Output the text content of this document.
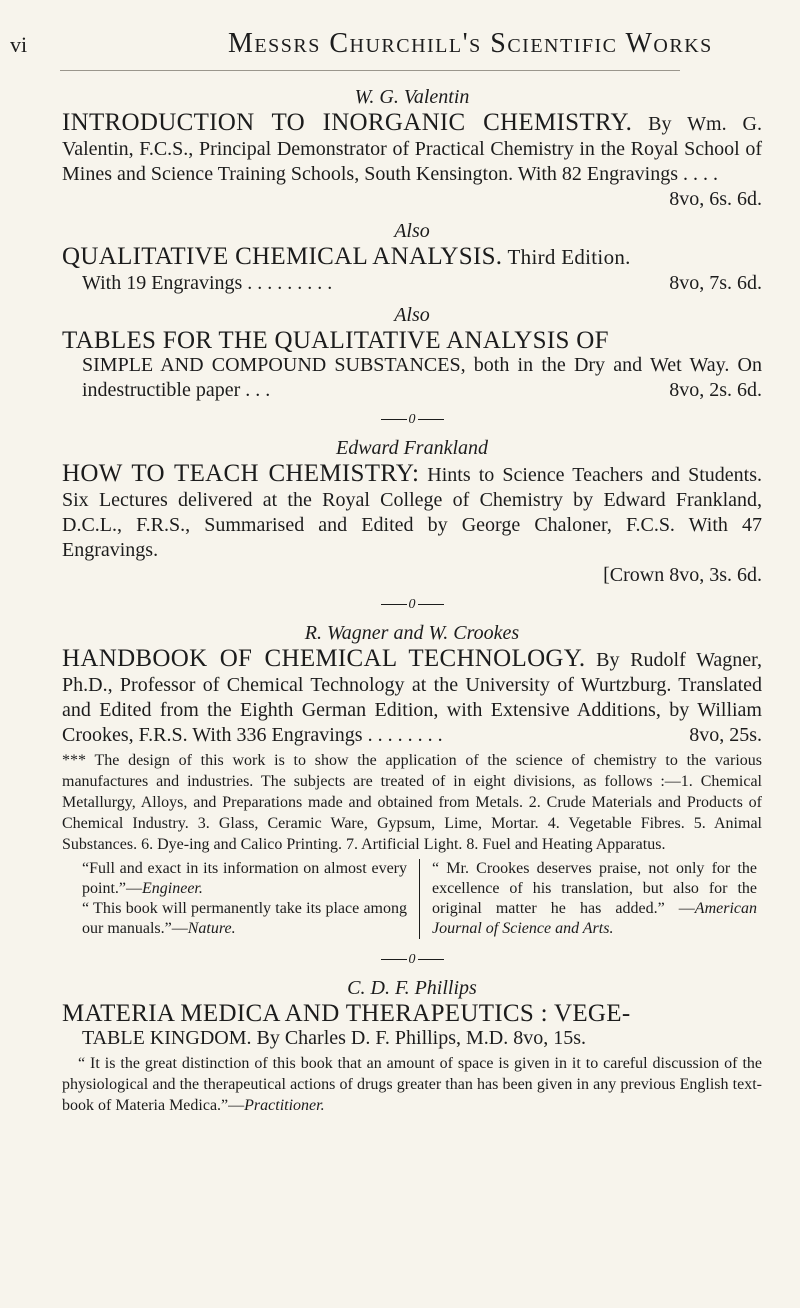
vi	Messrs Churchill's Scientific Works
W. G. Valentin
INTRODUCTION TO INORGANIC CHEMISTRY. By Wm. G. Valentin, F.C.S., Principal Demonstrator of Practical Chemistry in the Royal School of Mines and Science Training Schools, South Kensington. With 82 Engravings . . . .
8vo, 6s. 6d.
Also
QUALITATIVE CHEMICAL ANALYSIS. Third Edition.
With 19 Engravings . . . . . . . . .	8vo, 7s. 6d.
Also
TABLES FOR THE QUALITATIVE ANALYSIS OF
SIMPLE AND COMPOUND SUBSTANCES, both in the Dry and Wet Way. On indestructible paper . . .	8vo, 2s. 6d.
0
Edward Frankland
HOW TO TEACH CHEMISTRY: Hints to Science Teachers and Students. Six Lectures delivered at the Royal College of Chemistry by Edward Frankland, D.C.L., F.R.S., Summarised and Edited by George Chaloner, F.C.S. With 47 Engravings.
[Crown 8vo, 3s. 6d.
0
R. Wagner and W. Crookes
HANDBOOK OF CHEMICAL TECHNOLOGY. By Rudolf Wagner, Ph.D., Professor of Chemical Technology at the University of Wurtzburg. Translated and Edited from the Eighth German Edition, with Extensive Additions, by William Crookes, F.R.S. With 336 Engravings . . . . . . . .	8vo, 25s.
*** The design of this work is to show the application of the science of chemistry to the various manufactures and industries. The subjects are treated of in eight divisions, as follows :—1. Chemical Metallurgy, Alloys, and Preparations made and obtained from Metals. 2. Crude Materials and Products of Chemical Industry. 3. Glass, Ceramic Ware, Gypsum, Lime, Mortar. 4. Vegetable Fibres. 5. Animal Substances. 6. Dye-ing and Calico Printing. 7. Artificial Light. 8. Fuel and Heating Apparatus.
“Full and exact in its information on almost every point.”—Engineer.
“ This book will permanently take its place among our manuals.”—Nature.
“ Mr. Crookes deserves praise, not only for the excellence of his translation, but also for the original matter he has added.” —American Journal of Science and Arts.
0
C. D. F. Phillips
MATERIA MEDICA AND THERAPEUTICS : VEGE-
TABLE KINGDOM. By Charles D. F. Phillips, M.D. 8vo, 15s.
“ It is the great distinction of this book that an amount of space is given in it to careful discussion of the physiological and the therapeutical actions of drugs greater than has been given in any previous English text-book of Materia Medica.”—Practitioner.
